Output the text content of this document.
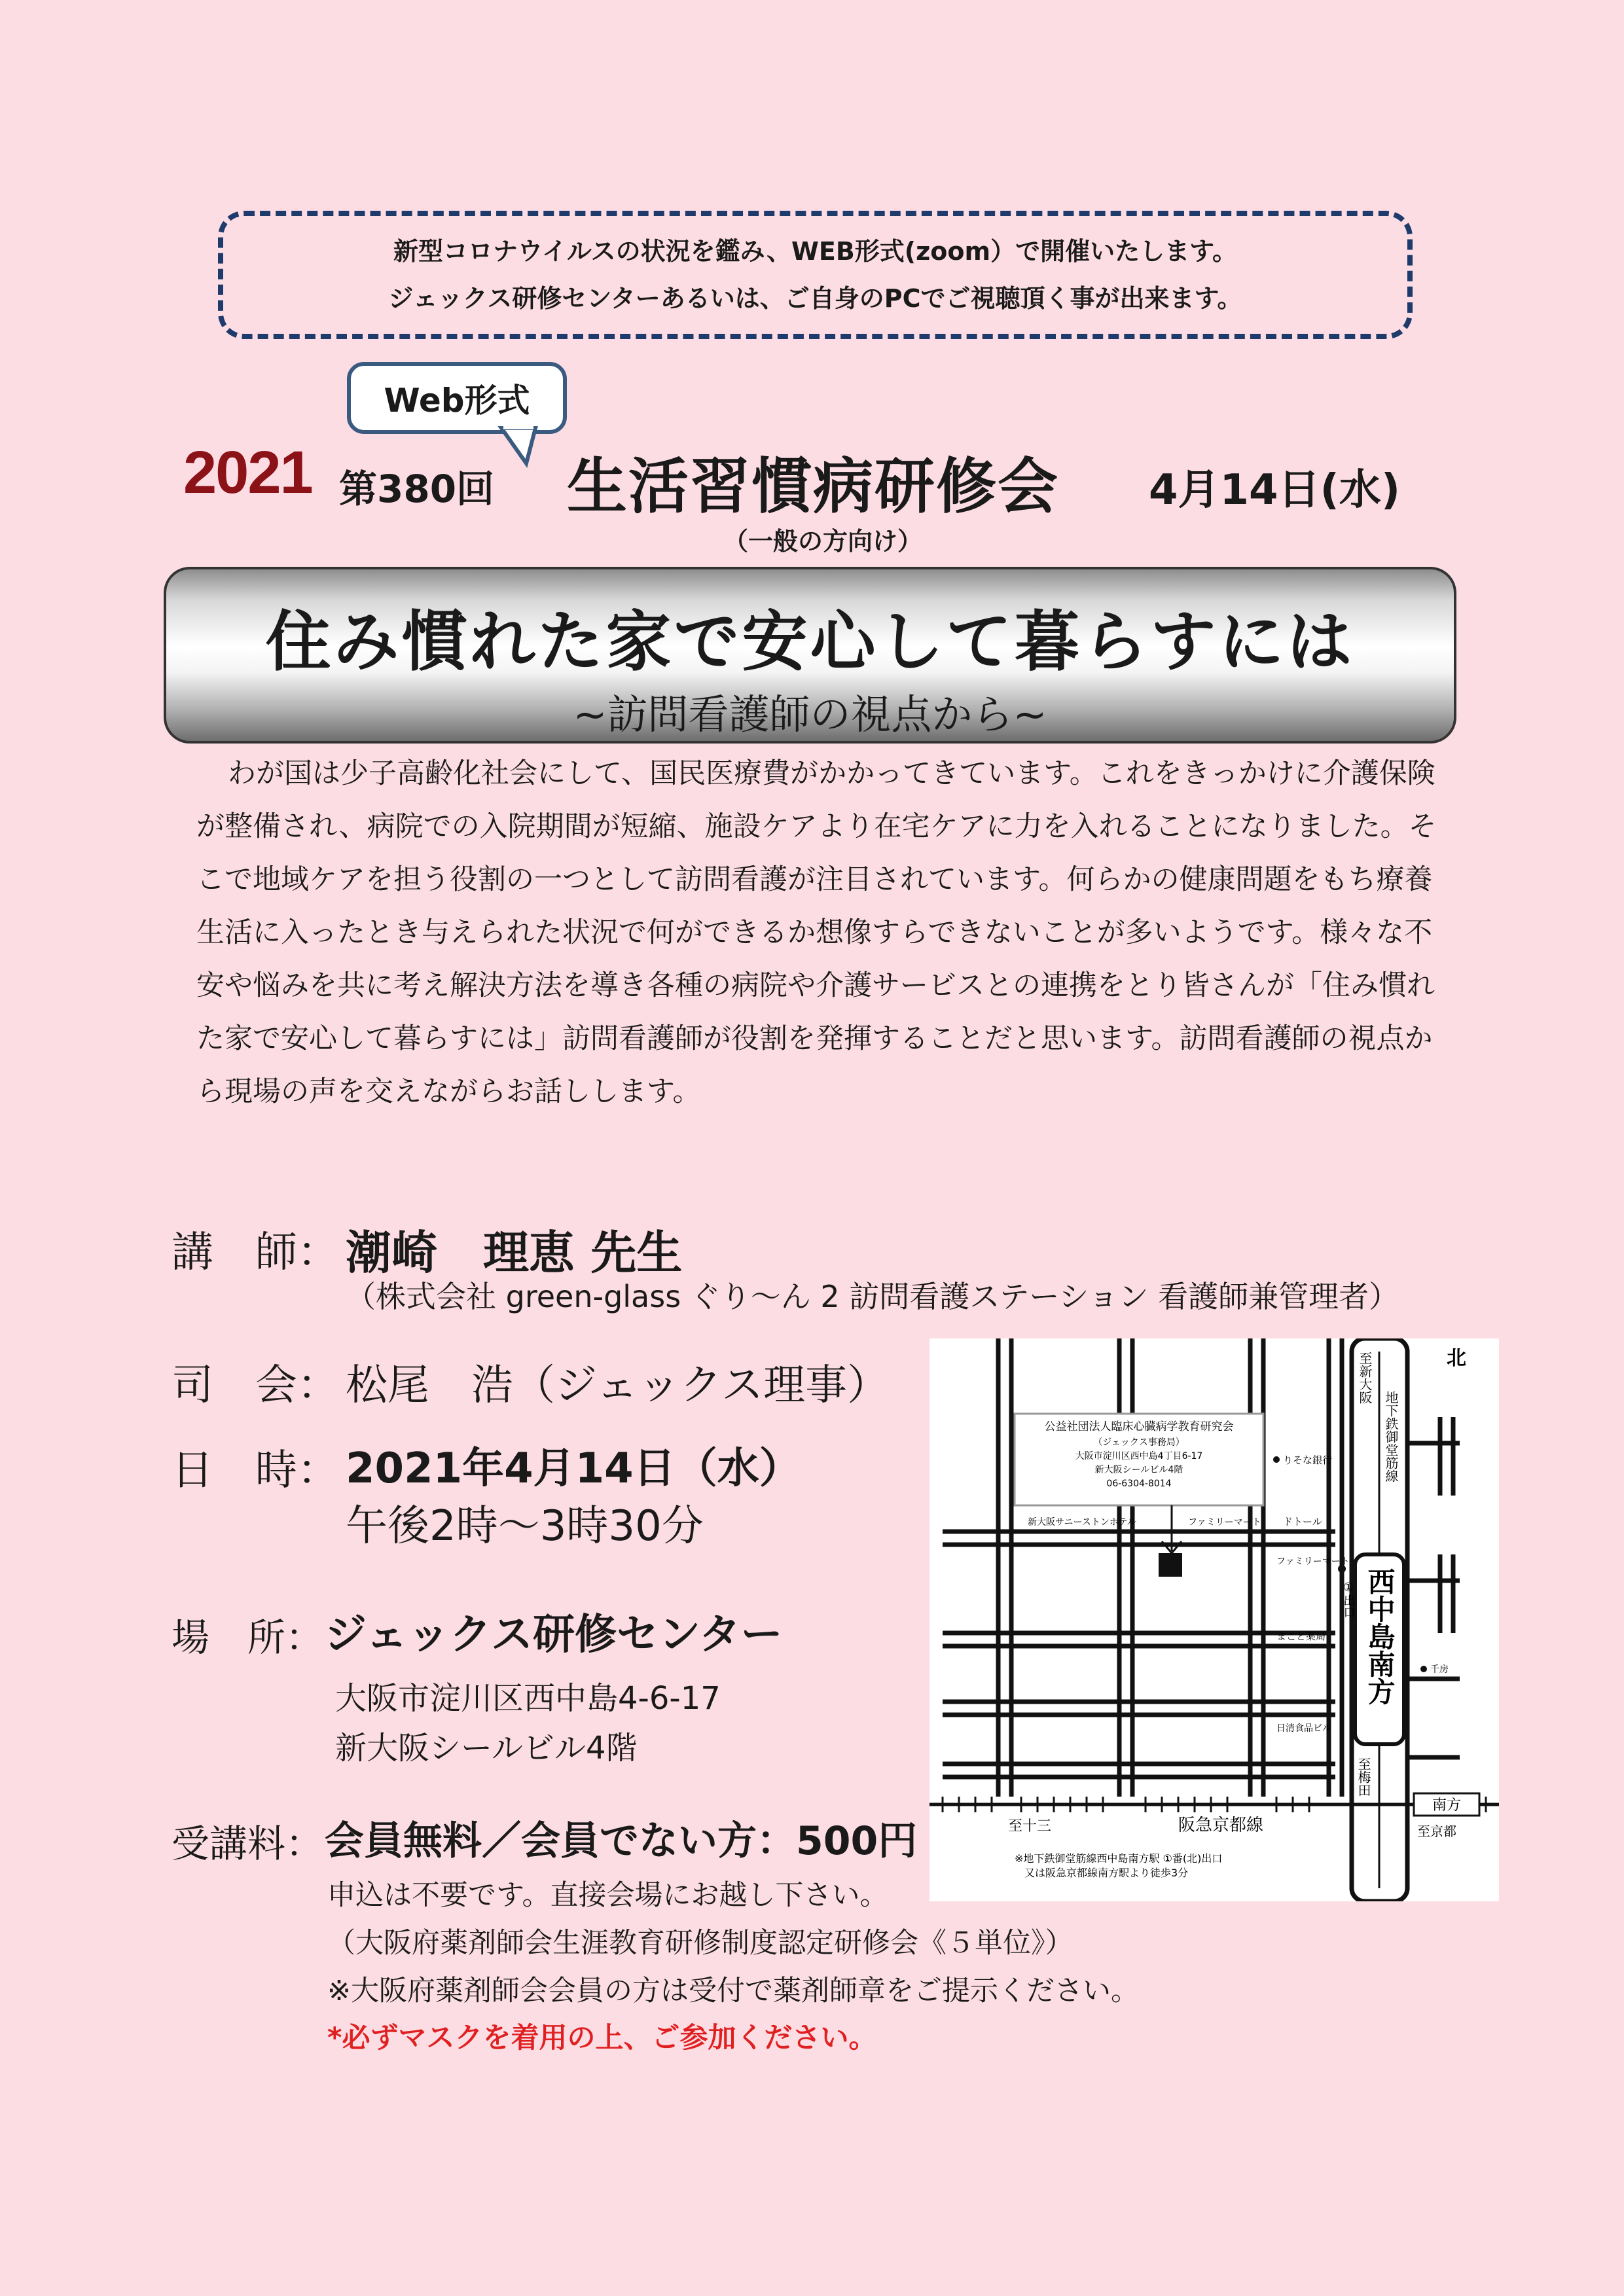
新型コロナウイルスの状況を鑑み、WEB形式(zoom）で開催いたします。
ジェックス研修センターあるいは、ご自身のPCでご視聴頂く事が出来ます。
Web形式
2021 第380回 生活習慣病研修会 4月14日(水)
（一般の方向け）
住み慣れた家で安心して暮らすには
~訪問看護師の視点から~

わが国は少子高齢化社会にして、国民医療費がかかってきています。これをきっかけに介護保険が整備され、病院での入院期間が短縮、施設ケアより在宅ケアに力を入れることになりました。そこで地域ケアを担う役割の一つとして訪問看護が注目されています。何らかの健康問題をもち療養生活に入ったとき与えられた状況で何ができるか想像すらできないことが多いようです。様々な不安や悩みを共に考え解決方法を導き各種の病院や介護サービスとの連携をとり皆さんが「住み慣れた家で安心して暮らすには」訪問看護師が役割を発揮することだと思います。訪問看護師の視点から現場の声を交えながらお話しします。

講　師： 潮崎　理恵 先生
（株式会社 green-glass ぐり～ん 2 訪問看護ステーション 看護師兼管理者）
司　会： 松尾　浩（ジェックス理事）
日　時： 2021年4月14日（水）
午後2時～3時30分
場　所： ジェックス研修センター
大阪市淀川区西中島4-6-17
新大阪シールビル4階
受講料： 会員無料／会員でない方：500円
申込は不要です。直接会場にお越し下さい。
（大阪府薬剤師会生涯教育研修制度認定研修会《５単位》）
※大阪府薬剤師会会員の方は受付で薬剤師章をご提示ください。
*必ずマスクを着用の上、ご参加ください。
公益社団法人臨床心臓病学教育研究会
（ジェックス事務局）
大阪市淀川区西中島4丁目6-17
新大阪シールビル4階
06-6304-8014
北
至新大阪
地下鉄御堂筋線
西中島南方
①出口
至梅田
りそな銀行
ドトール
ファミリーマート
ファミリーマート
新大阪サニーストンホテル
まこと薬局
千房
日清食品ビル
至十三	阪急京都線
南方
至京都
※地下鉄御堂筋線西中島南方駅 ①番(北)出口
又は阪急京都線南方駅より徒歩3分
